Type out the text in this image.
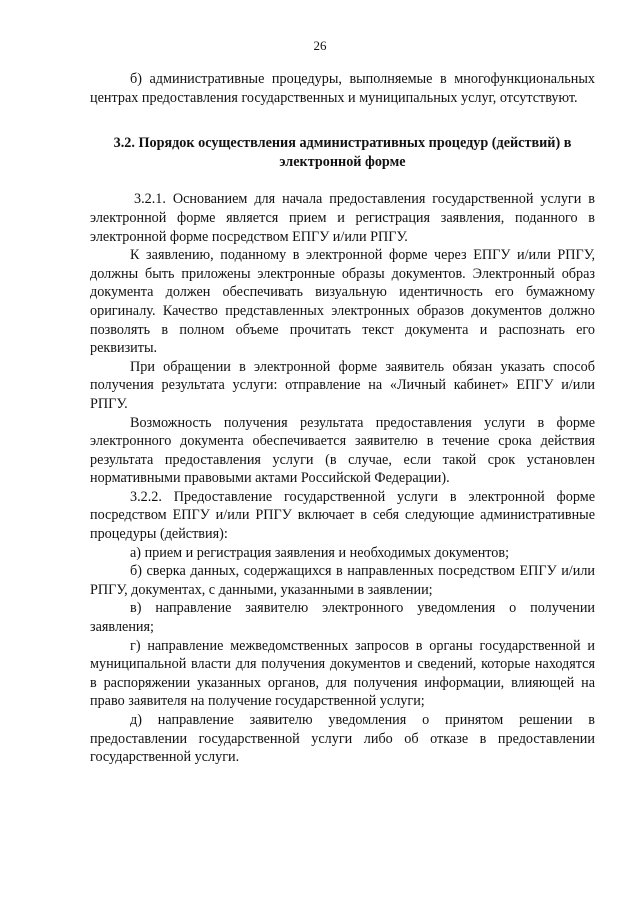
26

б) административные процедуры, выполняемые в многофункциональных центрах предоставления государственных и муниципальных услуг, отсутствуют.

3.2. Порядок осуществления административных процедур (действий) в электронной форме

3.2.1. Основанием для начала предоставления государственной услуги в электронной форме является прием и регистрация заявления, поданного в электронной форме посредством ЕПГУ и/или РПГУ.

К заявлению, поданному в электронной форме через ЕПГУ и/или РПГУ, должны быть приложены электронные образы документов. Электронный образ документа должен обеспечивать визуальную идентичность его бумажному оригиналу. Качество представленных электронных образов документов должно позволять в полном объеме прочитать текст документа и распознать его реквизиты.

При обращении в электронной форме заявитель обязан указать способ получения результата услуги: отправление на «Личный кабинет» ЕПГУ и/или РПГУ.

Возможность получения результата предоставления услуги в форме электронного документа обеспечивается заявителю в течение срока действия результата предоставления услуги (в случае, если такой срок установлен нормативными правовыми актами Российской Федерации).

3.2.2. Предоставление государственной услуги в электронной форме посредством ЕПГУ и/или РПГУ включает в себя следующие административные процедуры (действия):

а) прием и регистрация заявления и необходимых документов;

б) сверка данных, содержащихся в направленных посредством ЕПГУ и/или РПГУ, документах, с данными, указанными в заявлении;

в) направление заявителю электронного уведомления о получении заявления;

г) направление межведомственных запросов в органы государственной и муниципальной власти для получения документов и сведений, которые находятся в распоряжении указанных органов, для получения информации, влияющей на право заявителя на получение государственной услуги;

д) направление заявителю уведомления о принятом решении в предоставлении государственной услуги либо об отказе в предоставлении государственной услуги.
